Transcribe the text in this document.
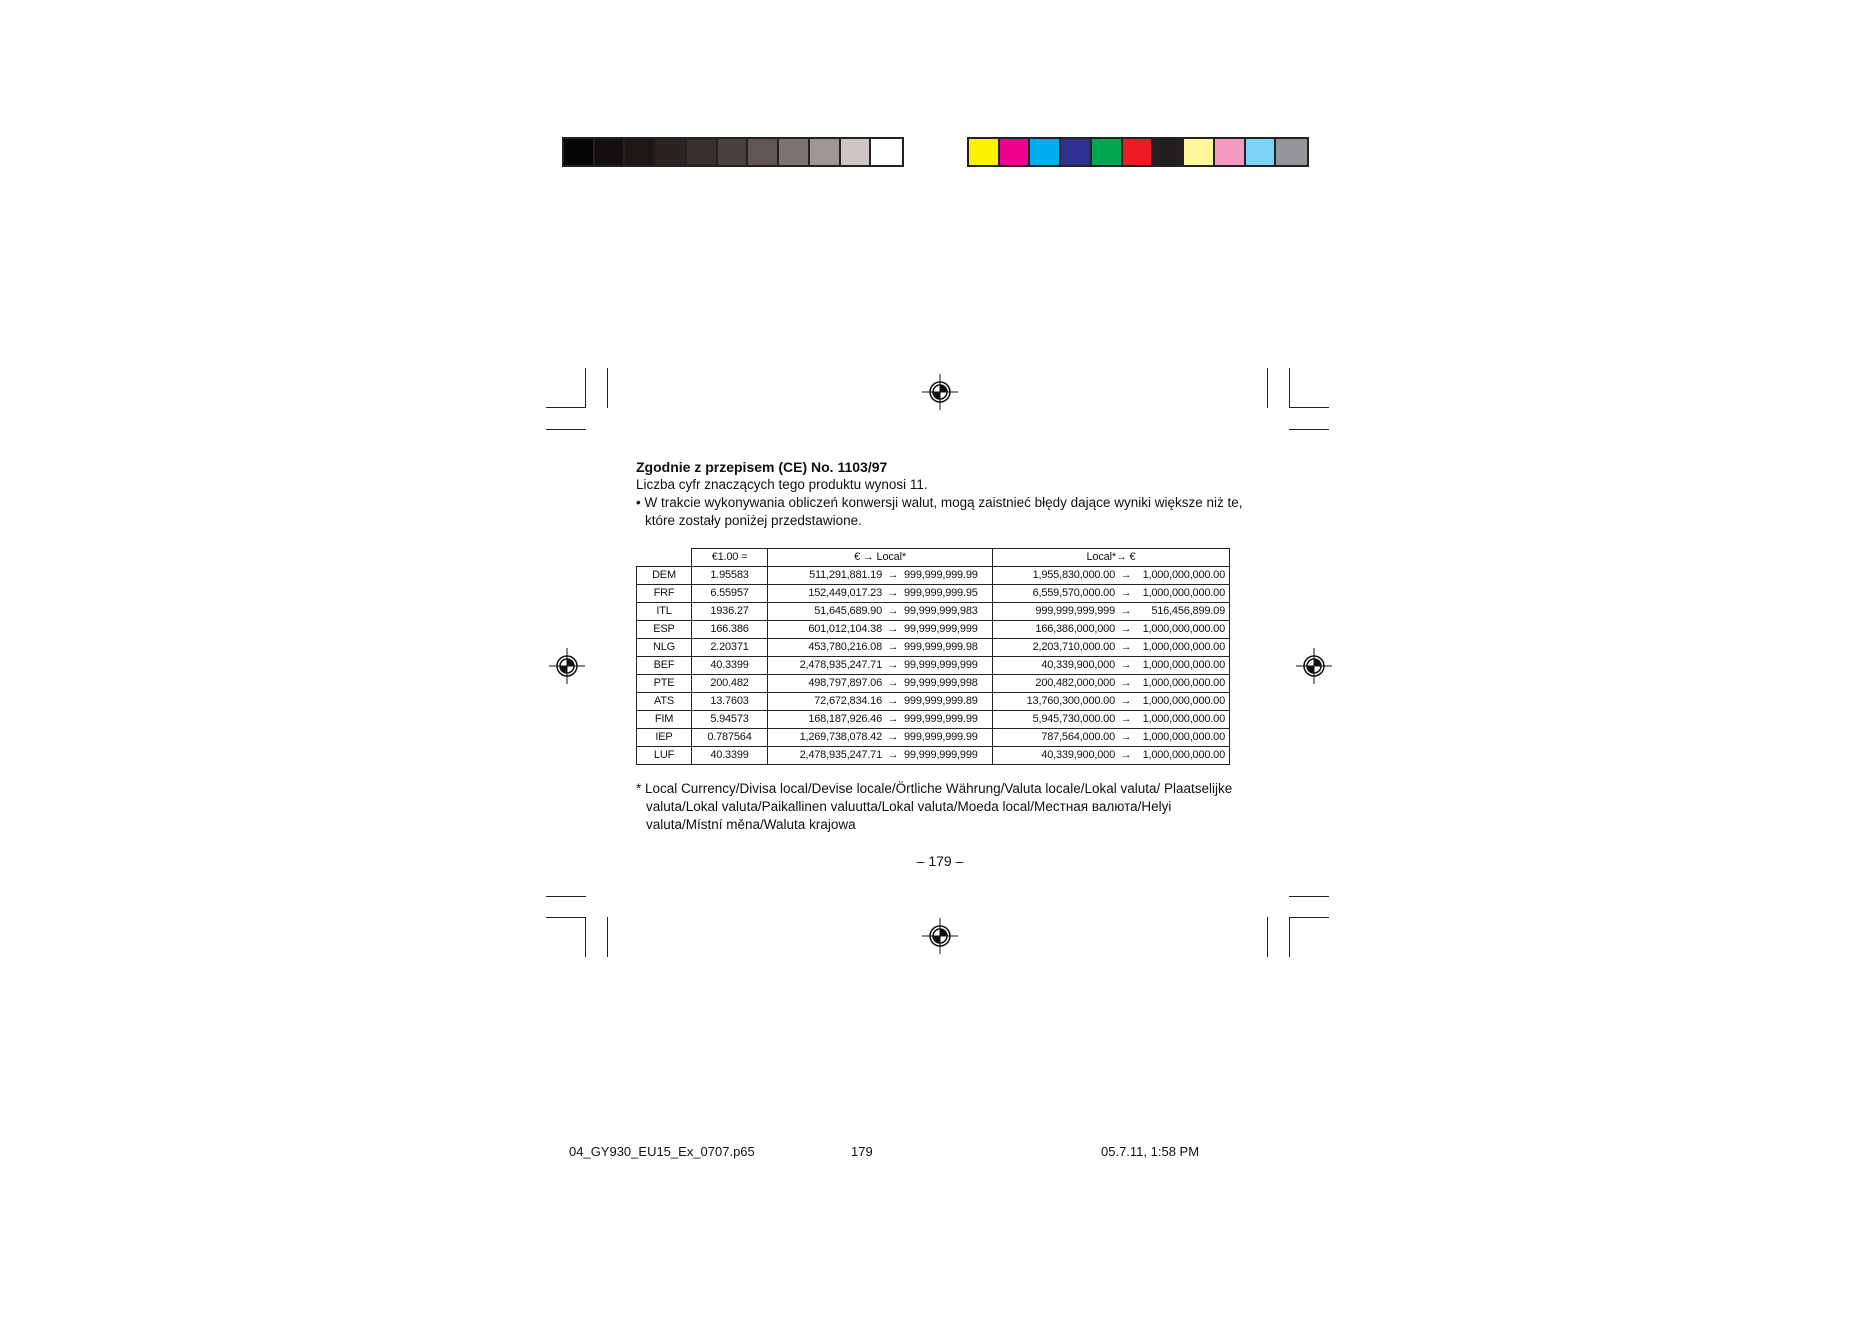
Zgodnie z przepisem (CE) No. 1103/97

Liczba cyfr znaczących tego produktu wynosi 11.

• W trakcie wykonywania obliczeń konwersji walut, mogą zaistnieć błędy dające wyniki większe niż te, które zostały poniżej przedstawione.

	€1.00 =	€ → Local*	Local*→ €
DEM	1.95583	511,291,881.19 → 999,999,999.99	1,955,830,000.00 → 1,000,000,000.00
FRF	6.55957	152,449,017.23 → 999,999,999.95	6,559,570,000.00 → 1,000,000,000.00
ITL	1936.27	51,645,689.90 → 99,999,999,983	999,999,999,999 → 516,456,899.09
ESP	166.386	601,012,104.38 → 99,999,999,999	166,386,000,000 → 1,000,000,000.00
NLG	2.20371	453,780,216.08 → 999,999,999.98	2,203,710,000.00 → 1,000,000,000.00
BEF	40.3399	2,478,935,247.71 → 99,999,999,999	40,339,900,000 → 1,000,000,000.00
PTE	200.482	498,797,897.06 → 99,999,999,998	200,482,000,000 → 1,000,000,000.00
ATS	13.7603	72,672,834.16 → 999,999,999.89	13,760,300,000.00 → 1,000,000,000.00
FIM	5.94573	168,187,926.46 → 999,999,999.99	5,945,730,000.00 → 1,000,000,000.00
IEP	0.787564	1,269,738,078.42 → 999,999,999.99	787,564,000.00 → 1,000,000,000.00
LUF	40.3399	2,478,935,247.71 → 99,999,999,999	40,339,900,000 → 1,000,000,000.00
* Local Currency/Divisa local/Devise locale/Örtliche Währung/Valuta locale/Lokal valuta/ Plaatselijke valuta/Lokal valuta/Paikallinen valuutta/Lokal valuta/Moeda local/Местная валюта/Helyi valuta/Místní měna/Waluta krajowa
– 179 –
04_GY930_EU15_Ex_0707.p65	179	05.7.11, 1:58 PM
